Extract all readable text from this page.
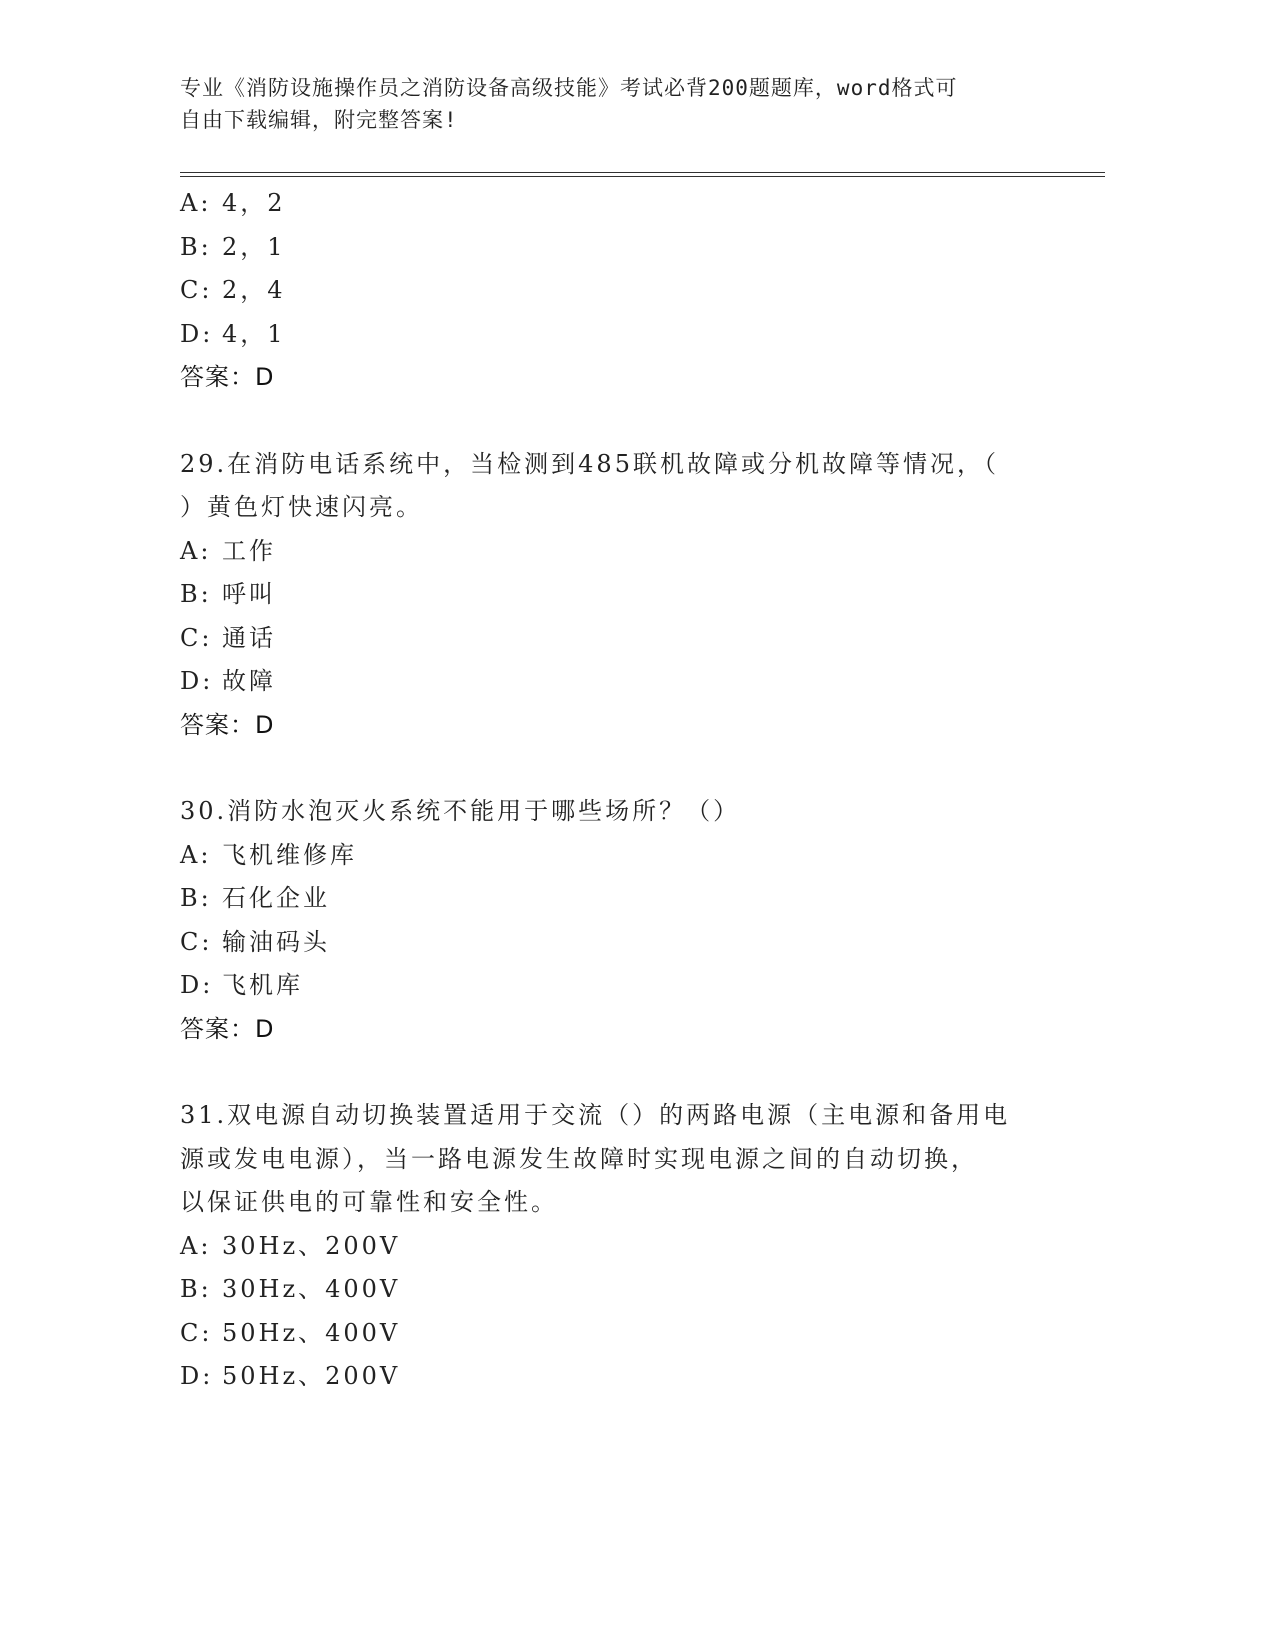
专业《消防设施操作员之消防设备高级技能》考试必背200题题库，word格式可
自由下载编辑，附完整答案!
A: 4，2
B: 2，1
C: 2，4
D: 4，1
答案：D
29.在消防电话系统中，当检测到485联机故障或分机故障等情况，（
）黄色灯快速闪亮。
A: 工作
B: 呼叫
C: 通话
D: 故障
答案：D
30.消防水泡灭火系统不能用于哪些场所？（）
A: 飞机维修库
B: 石化企业
C: 输油码头
D: 飞机库
答案：D
31.双电源自动切换装置适用于交流（）的两路电源（主电源和备用电
源或发电电源），当一路电源发生故障时实现电源之间的自动切换，
以保证供电的可靠性和安全性。
A: 30Hz、200V
B: 30Hz、400V
C: 50Hz、400V
D: 50Hz、200V
